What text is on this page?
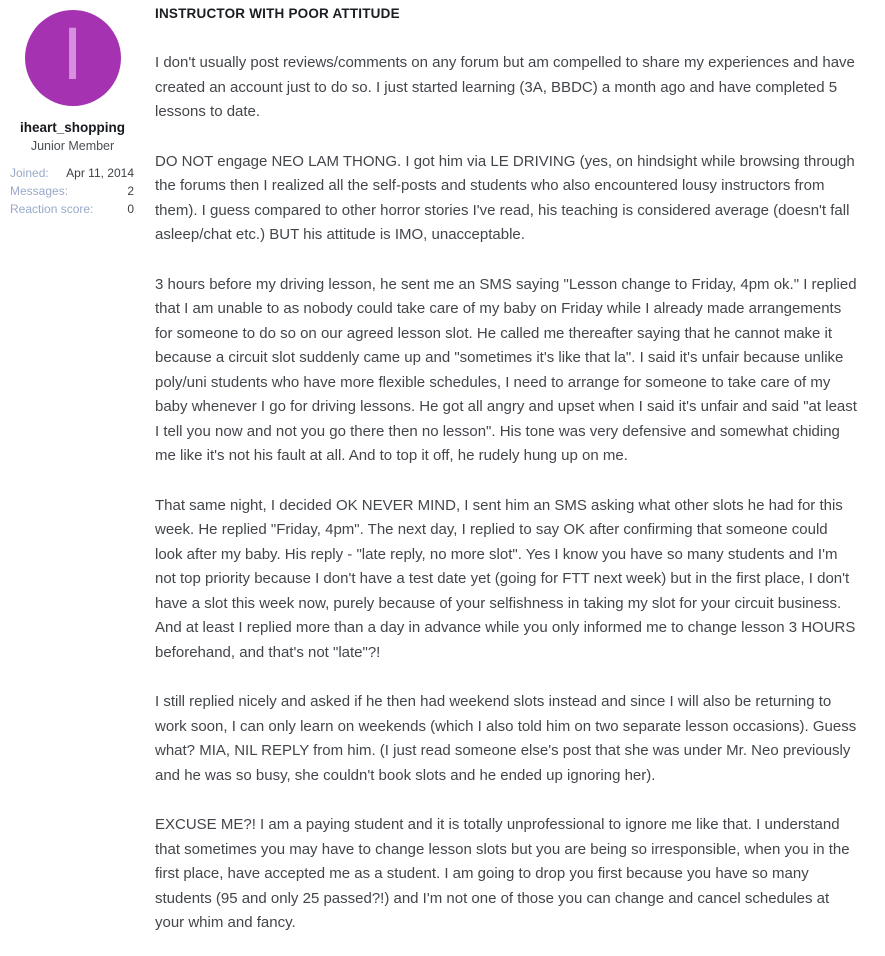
I
iheart_shopping
Junior Member
Joined: Apr 11, 2014
Messages:	2
Reaction score:	0
INSTRUCTOR WITH POOR ATTITUDE

I don't usually post reviews/comments on any forum but am compelled to share my experiences and have created an account just to do so. I just started learning (3A, BBDC) a month ago and have completed 5 lessons to date.

DO NOT engage NEO LAM THONG. I got him via LE DRIVING (yes, on hindsight while browsing through the forums then I realized all the self-posts and students who also encountered lousy instructors from them). I guess compared to other horror stories I've read, his teaching is considered average (doesn't fall asleep/chat etc.) BUT his attitude is IMO, unacceptable.

3 hours before my driving lesson, he sent me an SMS saying "Lesson change to Friday, 4pm ok." I replied that I am unable to as nobody could take care of my baby on Friday while I already made arrangements for someone to do so on our agreed lesson slot. He called me thereafter saying that he cannot make it because a circuit slot suddenly came up and "sometimes it's like that la". I said it's unfair because unlike poly/uni students who have more flexible schedules, I need to arrange for someone to take care of my baby whenever I go for driving lessons. He got all angry and upset when I said it's unfair and said "at least I tell you now and not you go there then no lesson". His tone was very defensive and somewhat chiding me like it's not his fault at all. And to top it off, he rudely hung up on me.

That same night, I decided OK NEVER MIND, I sent him an SMS asking what other slots he had for this week. He replied "Friday, 4pm". The next day, I replied to say OK after confirming that someone could look after my baby. His reply - "late reply, no more slot". Yes I know you have so many students and I'm not top priority because I don't have a test date yet (going for FTT next week) but in the first place, I don't have a slot this week now, purely because of your selfishness in taking my slot for your circuit business. And at least I replied more than a day in advance while you only informed me to change lesson 3 HOURS beforehand, and that's not "late"?!

I still replied nicely and asked if he then had weekend slots instead and since I will also be returning to work soon, I can only learn on weekends (which I also told him on two separate lesson occasions). Guess what? MIA, NIL REPLY from him. (I just read someone else's post that she was under Mr. Neo previously and he was so busy, she couldn't book slots and he ended up ignoring her).

EXCUSE ME?! I am a paying student and it is totally unprofessional to ignore me like that. I understand that sometimes you may have to change lesson slots but you are being so irresponsible, when you in the first place, have accepted me as a student. I am going to drop you first because you have so many students (95 and only 25 passed?!) and I'm not one of those you can change and cancel schedules at your whim and fancy.
